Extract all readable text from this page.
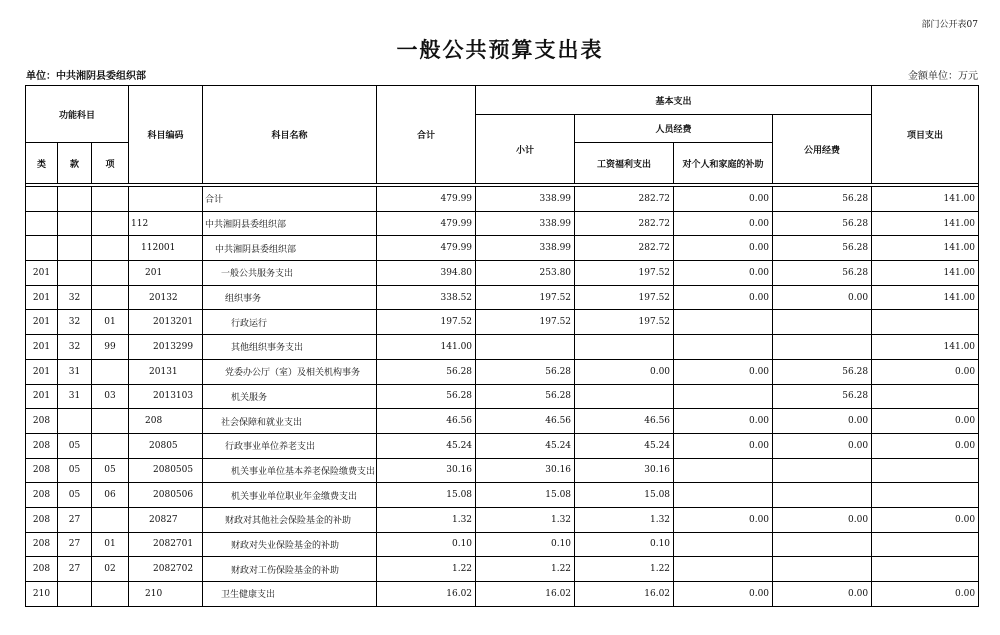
部门公开表07
一般公共预算支出表
单位：中共湘阴县委组织部	金额单位：万元
功能科目			科目编码	科目名称	合计	基本支出				项目支出
						小计	人员经费		公用经费	
类	款	项					工资福利支出	对个人和家庭的补助		

				合计	479.99	338.99	282.72	0.00	56.28	141.00
			112	中共湘阴县委组织部	479.99	338.99	282.72	0.00	56.28	141.00
			112001	中共湘阴县委组织部	479.99	338.99	282.72	0.00	56.28	141.00
201			201	一般公共服务支出	394.80	253.80	197.52	0.00	56.28	141.00
201	32		20132	组织事务	338.52	197.52	197.52	0.00	0.00	141.00
201	32	01	2013201	行政运行	197.52	197.52	197.52			
201	32	99	2013299	其他组织事务支出	141.00					141.00
201	31		20131	党委办公厅（室）及相关机构事务	56.28	56.28	0.00	0.00	56.28	0.00
201	31	03	2013103	机关服务	56.28	56.28			56.28	
208			208	社会保障和就业支出	46.56	46.56	46.56	0.00	0.00	0.00
208	05		20805	行政事业单位养老支出	45.24	45.24	45.24	0.00	0.00	0.00
208	05	05	2080505	机关事业单位基本养老保险缴费支出	30.16	30.16	30.16			
208	05	06	2080506	机关事业单位职业年金缴费支出	15.08	15.08	15.08			
208	27		20827	财政对其他社会保险基金的补助	1.32	1.32	1.32	0.00	0.00	0.00
208	27	01	2082701	财政对失业保险基金的补助	0.10	0.10	0.10			
208	27	02	2082702	财政对工伤保险基金的补助	1.22	1.22	1.22			
210			210	卫生健康支出	16.02	16.02	16.02	0.00	0.00	0.00
